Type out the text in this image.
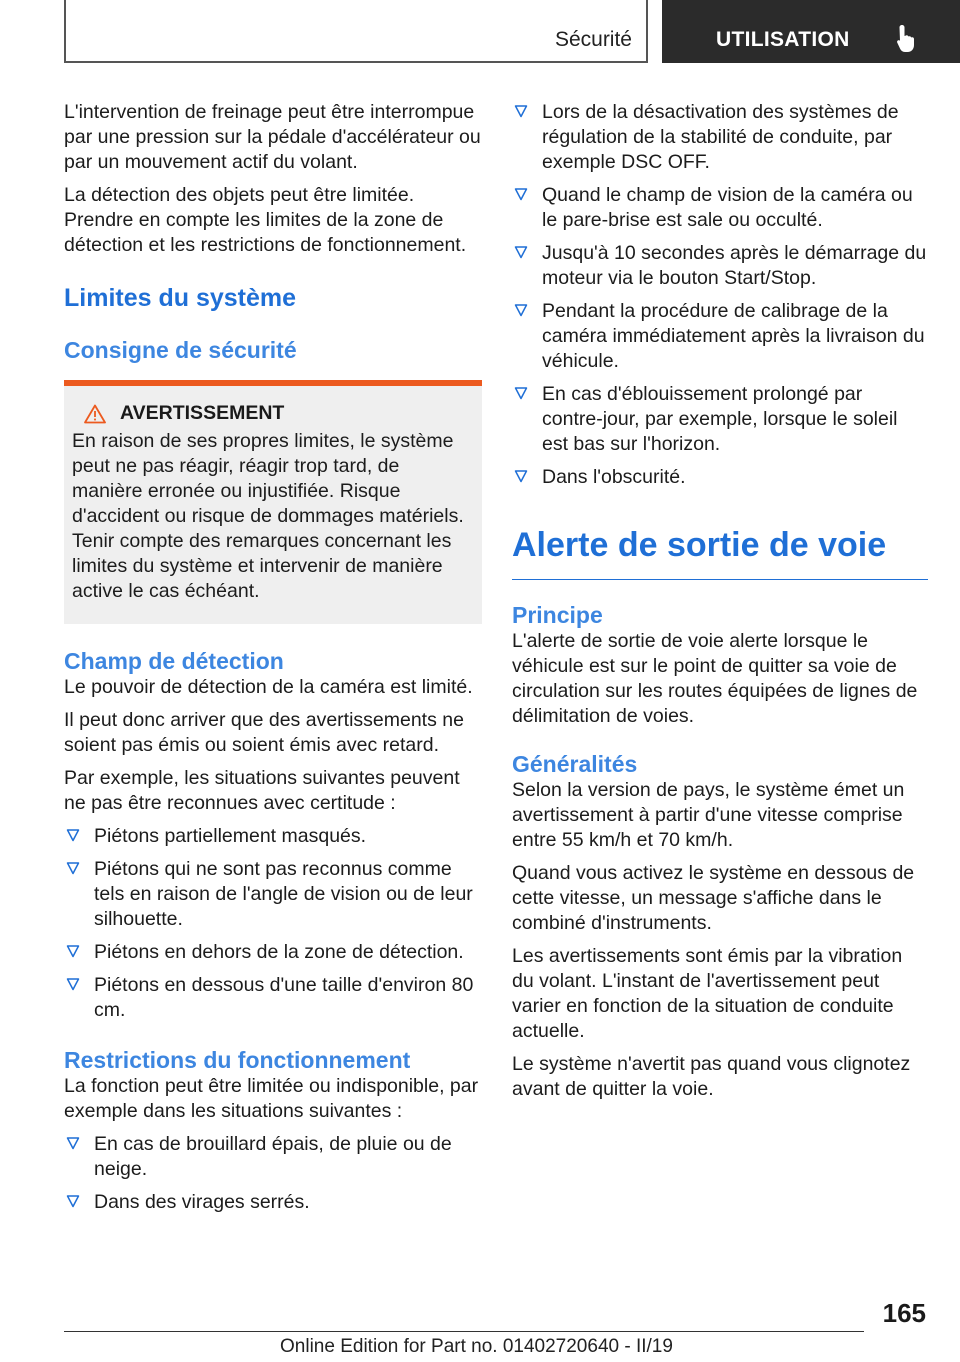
Sécurité	UTILISATION

L'intervention de freinage peut être interrompue par une pression sur la pédale d'accélérateur ou par un mouvement actif du volant.

La détection des objets peut être limitée. Prendre en compte les limites de la zone de détection et les restrictions de fonctionnement.

Limites du système
Consigne de sécurité
AVERTISSEMENT

En raison de ses propres limites, le système peut ne pas réagir, réagir trop tard, de manière erronée ou injustifiée. Risque d'accident ou risque de dommages matériels. Tenir compte des remarques concernant les limites du système et intervenir de manière active le cas échéant.

Champ de détection

Le pouvoir de détection de la caméra est limité.

Il peut donc arriver que des avertissements ne soient pas émis ou soient émis avec retard.

Par exemple, les situations suivantes peuvent ne pas être reconnues avec certitude :

Piétons partiellement masqués.
Piétons qui ne sont pas reconnus comme tels en raison de l'angle de vision ou de leur silhouette.
Piétons en dehors de la zone de détection.
Piétons en dessous d'une taille d'environ 80 cm.
Restrictions du fonctionnement

La fonction peut être limitée ou indisponible, par exemple dans les situations suivantes :

En cas de brouillard épais, de pluie ou de neige.
Dans des virages serrés.
Lors de la désactivation des systèmes de régulation de la stabilité de conduite, par exemple DSC OFF.
Quand le champ de vision de la caméra ou le pare-brise est sale ou occulté.
Jusqu'à 10 secondes après le démarrage du moteur via le bouton Start/Stop.
Pendant la procédure de calibrage de la caméra immédiatement après la livraison du véhicule.
En cas d'éblouissement prolongé par contre-jour, par exemple, lorsque le soleil est bas sur l'horizon.
Dans l'obscurité.
Alerte de sortie de voie
Principe

L'alerte de sortie de voie alerte lorsque le véhicule est sur le point de quitter sa voie de circulation sur les routes équipées de lignes de délimitation de voies.

Généralités

Selon la version de pays, le système émet un avertissement à partir d'une vitesse comprise entre 55 km/h et 70 km/h.

Quand vous activez le système en dessous de cette vitesse, un message s'affiche dans le combiné d'instruments.

Les avertissements sont émis par la vibration du volant. L'instant de l'avertissement peut varier en fonction de la situation de conduite actuelle.

Le système n'avertit pas quand vous clignotez avant de quitter la voie.

165
Online Edition for Part no. 01402720640 - II/19
